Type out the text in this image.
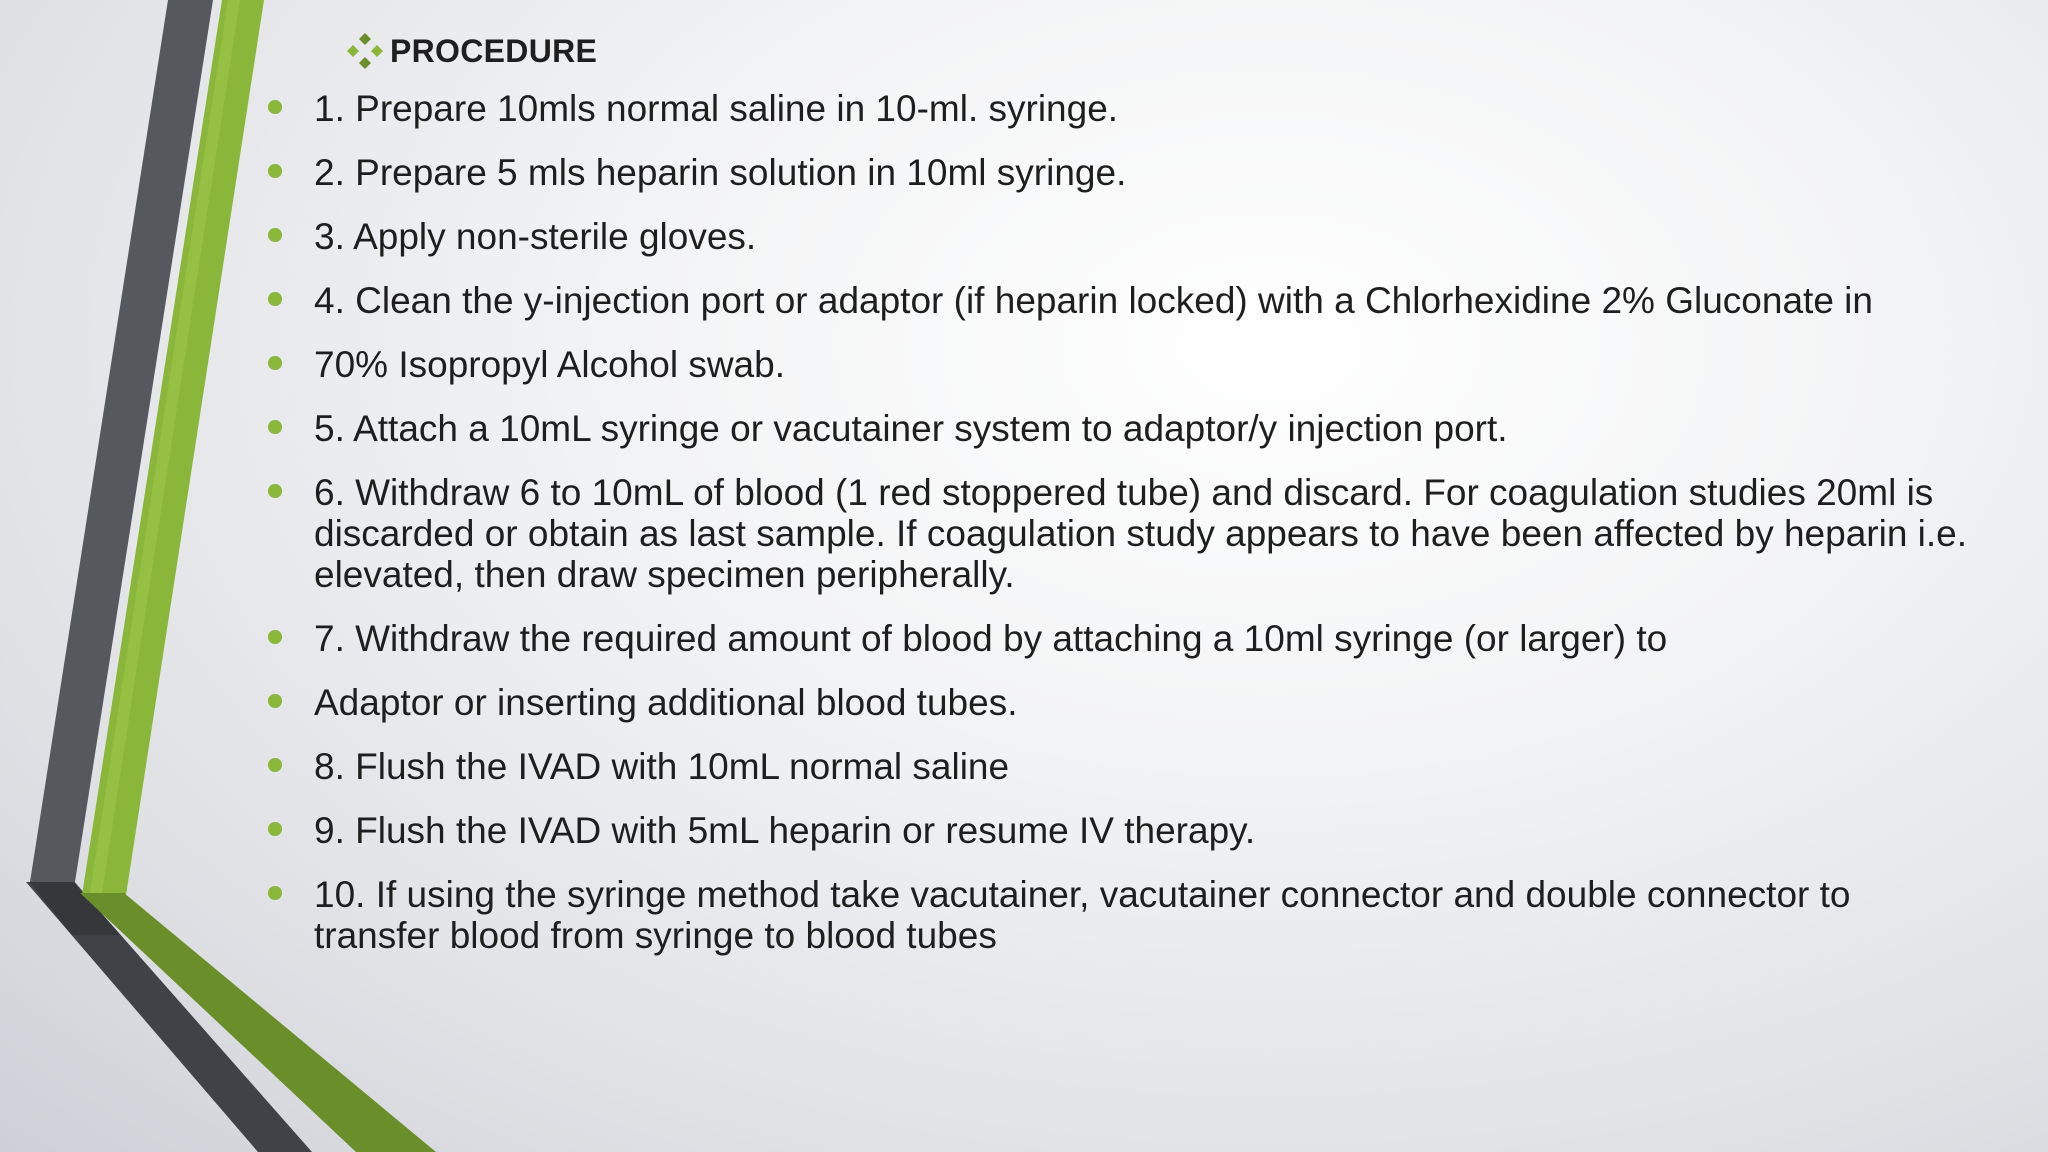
PROCEDURE
1. Prepare 10mls normal saline in 10-ml. syringe.
2. Prepare 5 mls heparin solution in 10ml syringe.
3. Apply non-sterile gloves.
4. Clean the y-injection port or adaptor (if heparin locked) with a Chlorhexidine 2% Gluconate in
70% Isopropyl Alcohol swab.
5. Attach a 10mL syringe or vacutainer system to adaptor/y injection port.
6. Withdraw 6 to 10mL of blood (1 red stoppered tube) and discard. For coagulation studies 20ml is discarded or obtain as last sample. If coagulation study appears to have been affected by heparin i.e. elevated, then draw specimen peripherally.
7. Withdraw the required amount of blood by attaching a 10ml syringe (or larger) to
Adaptor or inserting additional blood tubes.
8. Flush the IVAD with 10mL normal saline
9. Flush the IVAD with 5mL heparin or resume IV therapy.
10. If using the syringe method take vacutainer, vacutainer connector and double connector to transfer blood from syringe to blood tubes
